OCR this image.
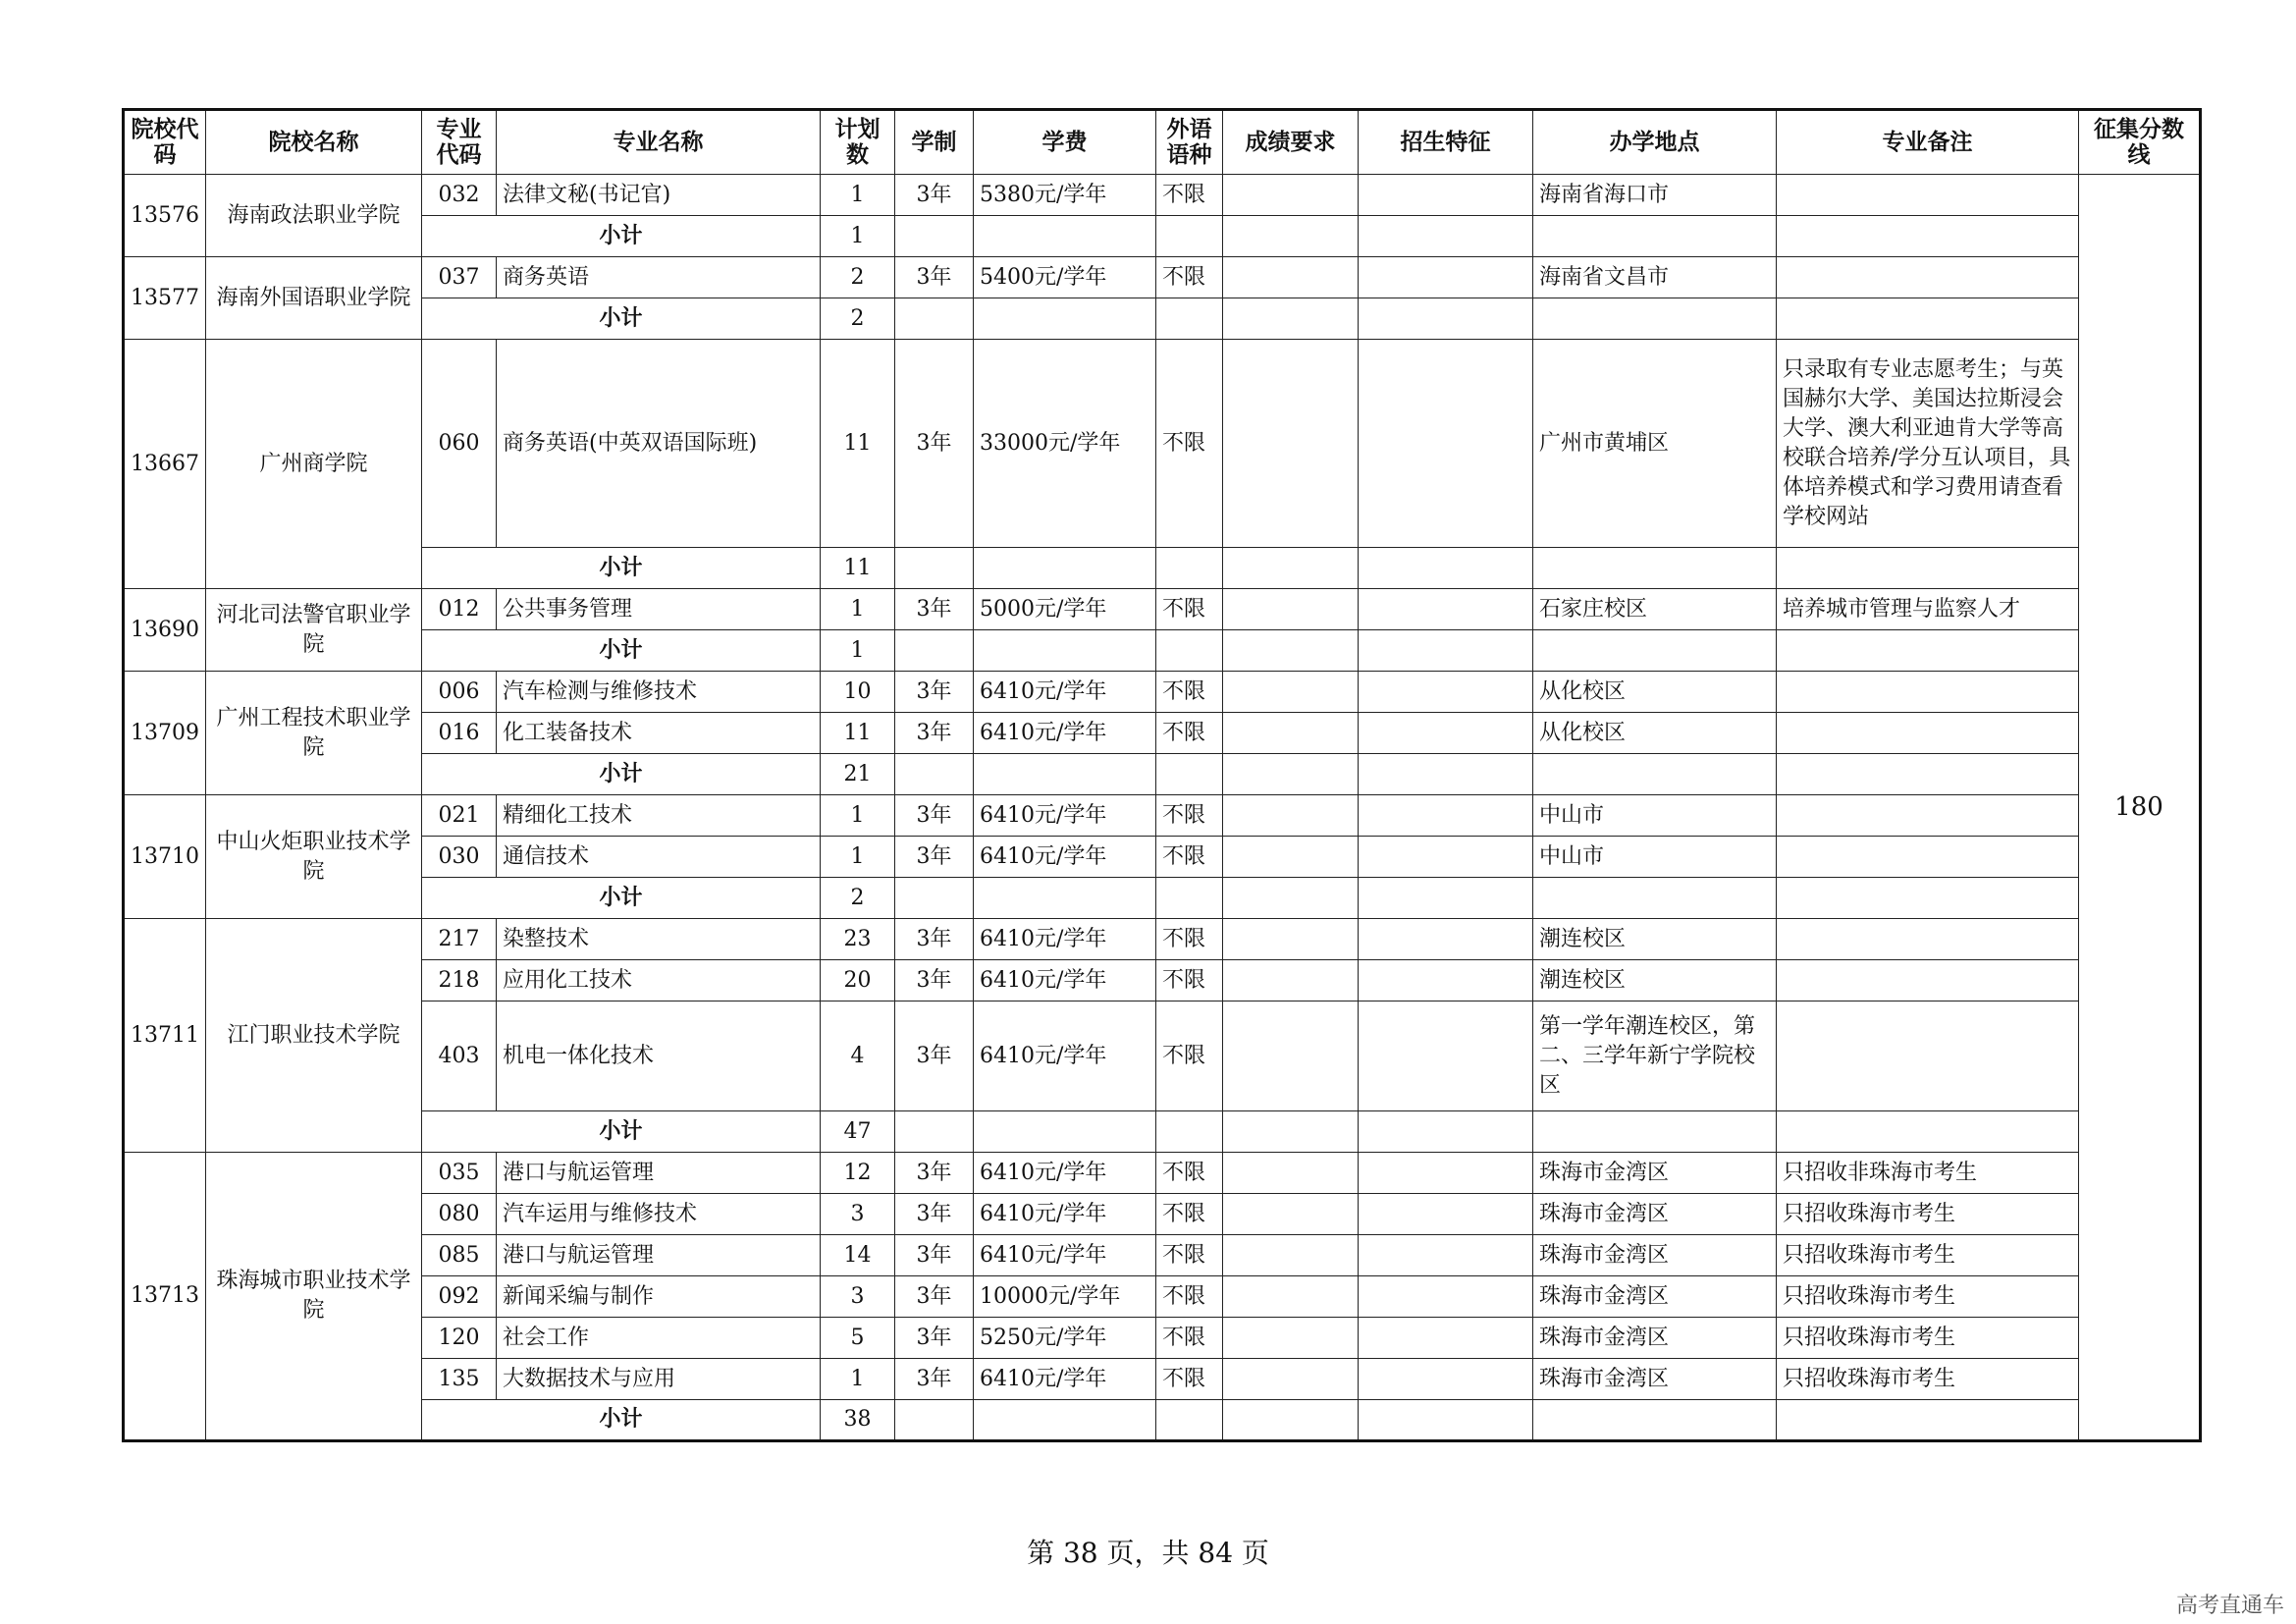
院校代码	院校名称	专业代码	专业名称	计划数	学制	学费	外语语种	成绩要求	招生特征	办学地点	专业备注	征集分数线
13576	海南政法职业学院	032	法律文秘(书记官)	1	3年	5380元/学年	不限			海南省海口市		180
		小计		1								
13577	海南外国语职业学院	037	商务英语	2	3年	5400元/学年	不限			海南省文昌市		
		小计		2								
13667	广州商学院	060	商务英语(中英双语国际班)	11	3年	33000元/学年	不限			广州市黄埔区	只录取有专业志愿考生；与英国赫尔大学、美国达拉斯浸会大学、澳大利亚迪肯大学等高校联合培养/学分互认项目，具体培养模式和学习费用请查看学校网站	
		小计		11								
13690	河北司法警官职业学院	012	公共事务管理	1	3年	5000元/学年	不限			石家庄校区	培养城市管理与监察人才	
		小计		1								
13709	广州工程技术职业学院	006	汽车检测与维修技术	10	3年	6410元/学年	不限			从化校区		
		016	化工装备技术	11	3年	6410元/学年	不限			从化校区		
		小计		21								
13710	中山火炬职业技术学院	021	精细化工技术	1	3年	6410元/学年	不限			中山市		
		030	通信技术	1	3年	6410元/学年	不限			中山市		
		小计		2								
13711	江门职业技术学院	217	染整技术	23	3年	6410元/学年	不限			潮连校区		
		218	应用化工技术	20	3年	6410元/学年	不限			潮连校区		
		403	机电一体化技术	4	3年	6410元/学年	不限			第一学年潮连校区，第二、三学年新宁学院校区		
		小计		47								
13713	珠海城市职业技术学院	035	港口与航运管理	12	3年	6410元/学年	不限			珠海市金湾区	只招收非珠海市考生	
		080	汽车运用与维修技术	3	3年	6410元/学年	不限			珠海市金湾区	只招收珠海市考生	
		085	港口与航运管理	14	3年	6410元/学年	不限			珠海市金湾区	只招收珠海市考生	
		092	新闻采编与制作	3	3年	10000元/学年	不限			珠海市金湾区	只招收珠海市考生	
		120	社会工作	5	3年	5250元/学年	不限			珠海市金湾区	只招收珠海市考生	
		135	大数据技术与应用	1	3年	6410元/学年	不限			珠海市金湾区	只招收珠海市考生	
		小计		38								
第 38 页，共 84 页
高考直通车
